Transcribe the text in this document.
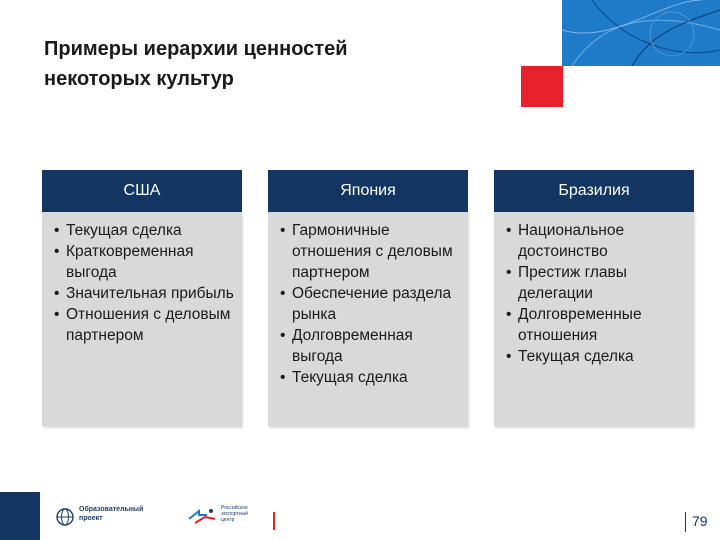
Примеры иерархии ценностей
некоторых культур
США
• Текущая сделка
• Кратковременная выгода
• Значительная прибыль
• Отношения с деловым партнером
Япония
• Гармоничные отношения с деловым партнером
• Обеспечение раздела рынка
• Долговременная выгода
• Текущая сделка
Бразилия
• Национальное достоинство
• Престиж главы делегации
• Долговременные отношения
• Текущая сделка
Образовательный
проект
Российское
экспортный
центр	79
